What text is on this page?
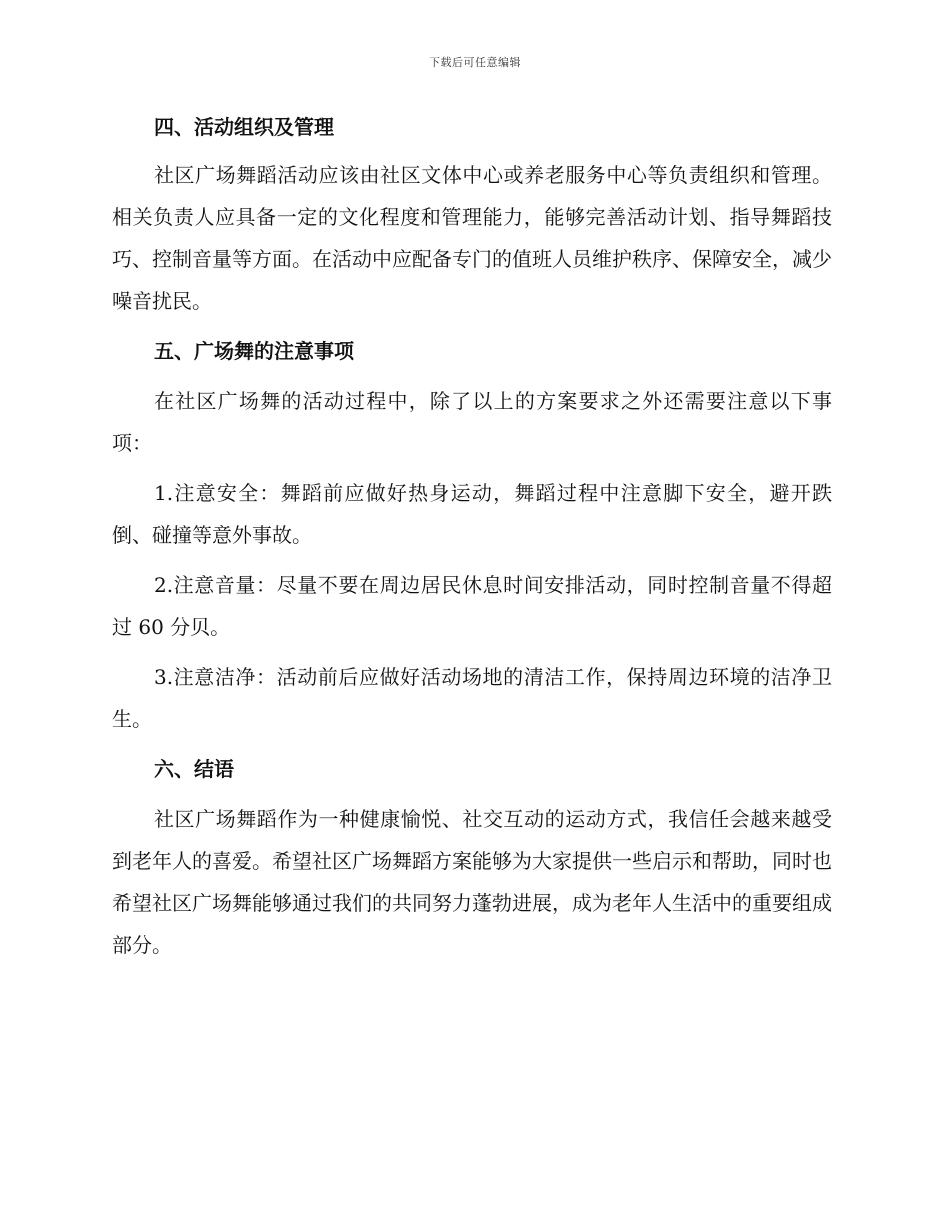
下载后可任意编辑
四、活动组织及管理

社区广场舞蹈活动应该由社区文体中心或养老服务中心等负责组织和管理。相关负责人应具备一定的文化程度和管理能力，能够完善活动计划、指导舞蹈技巧、控制音量等方面。在活动中应配备专门的值班人员维护秩序、保障安全，减少噪音扰民。

五、广场舞的注意事项

在社区广场舞的活动过程中，除了以上的方案要求之外还需要注意以下事项：

1.注意安全：舞蹈前应做好热身运动，舞蹈过程中注意脚下安全，避开跌倒、碰撞等意外事故。

2.注意音量：尽量不要在周边居民休息时间安排活动，同时控制音量不得超过 60 分贝。

3.注意洁净：活动前后应做好活动场地的清洁工作，保持周边环境的洁净卫生。

六、结语

社区广场舞蹈作为一种健康愉悦、社交互动的运动方式，我信任会越来越受到老年人的喜爱。希望社区广场舞蹈方案能够为大家提供一些启示和帮助，同时也希望社区广场舞能够通过我们的共同努力蓬勃进展，成为老年人生活中的重要组成部分。
